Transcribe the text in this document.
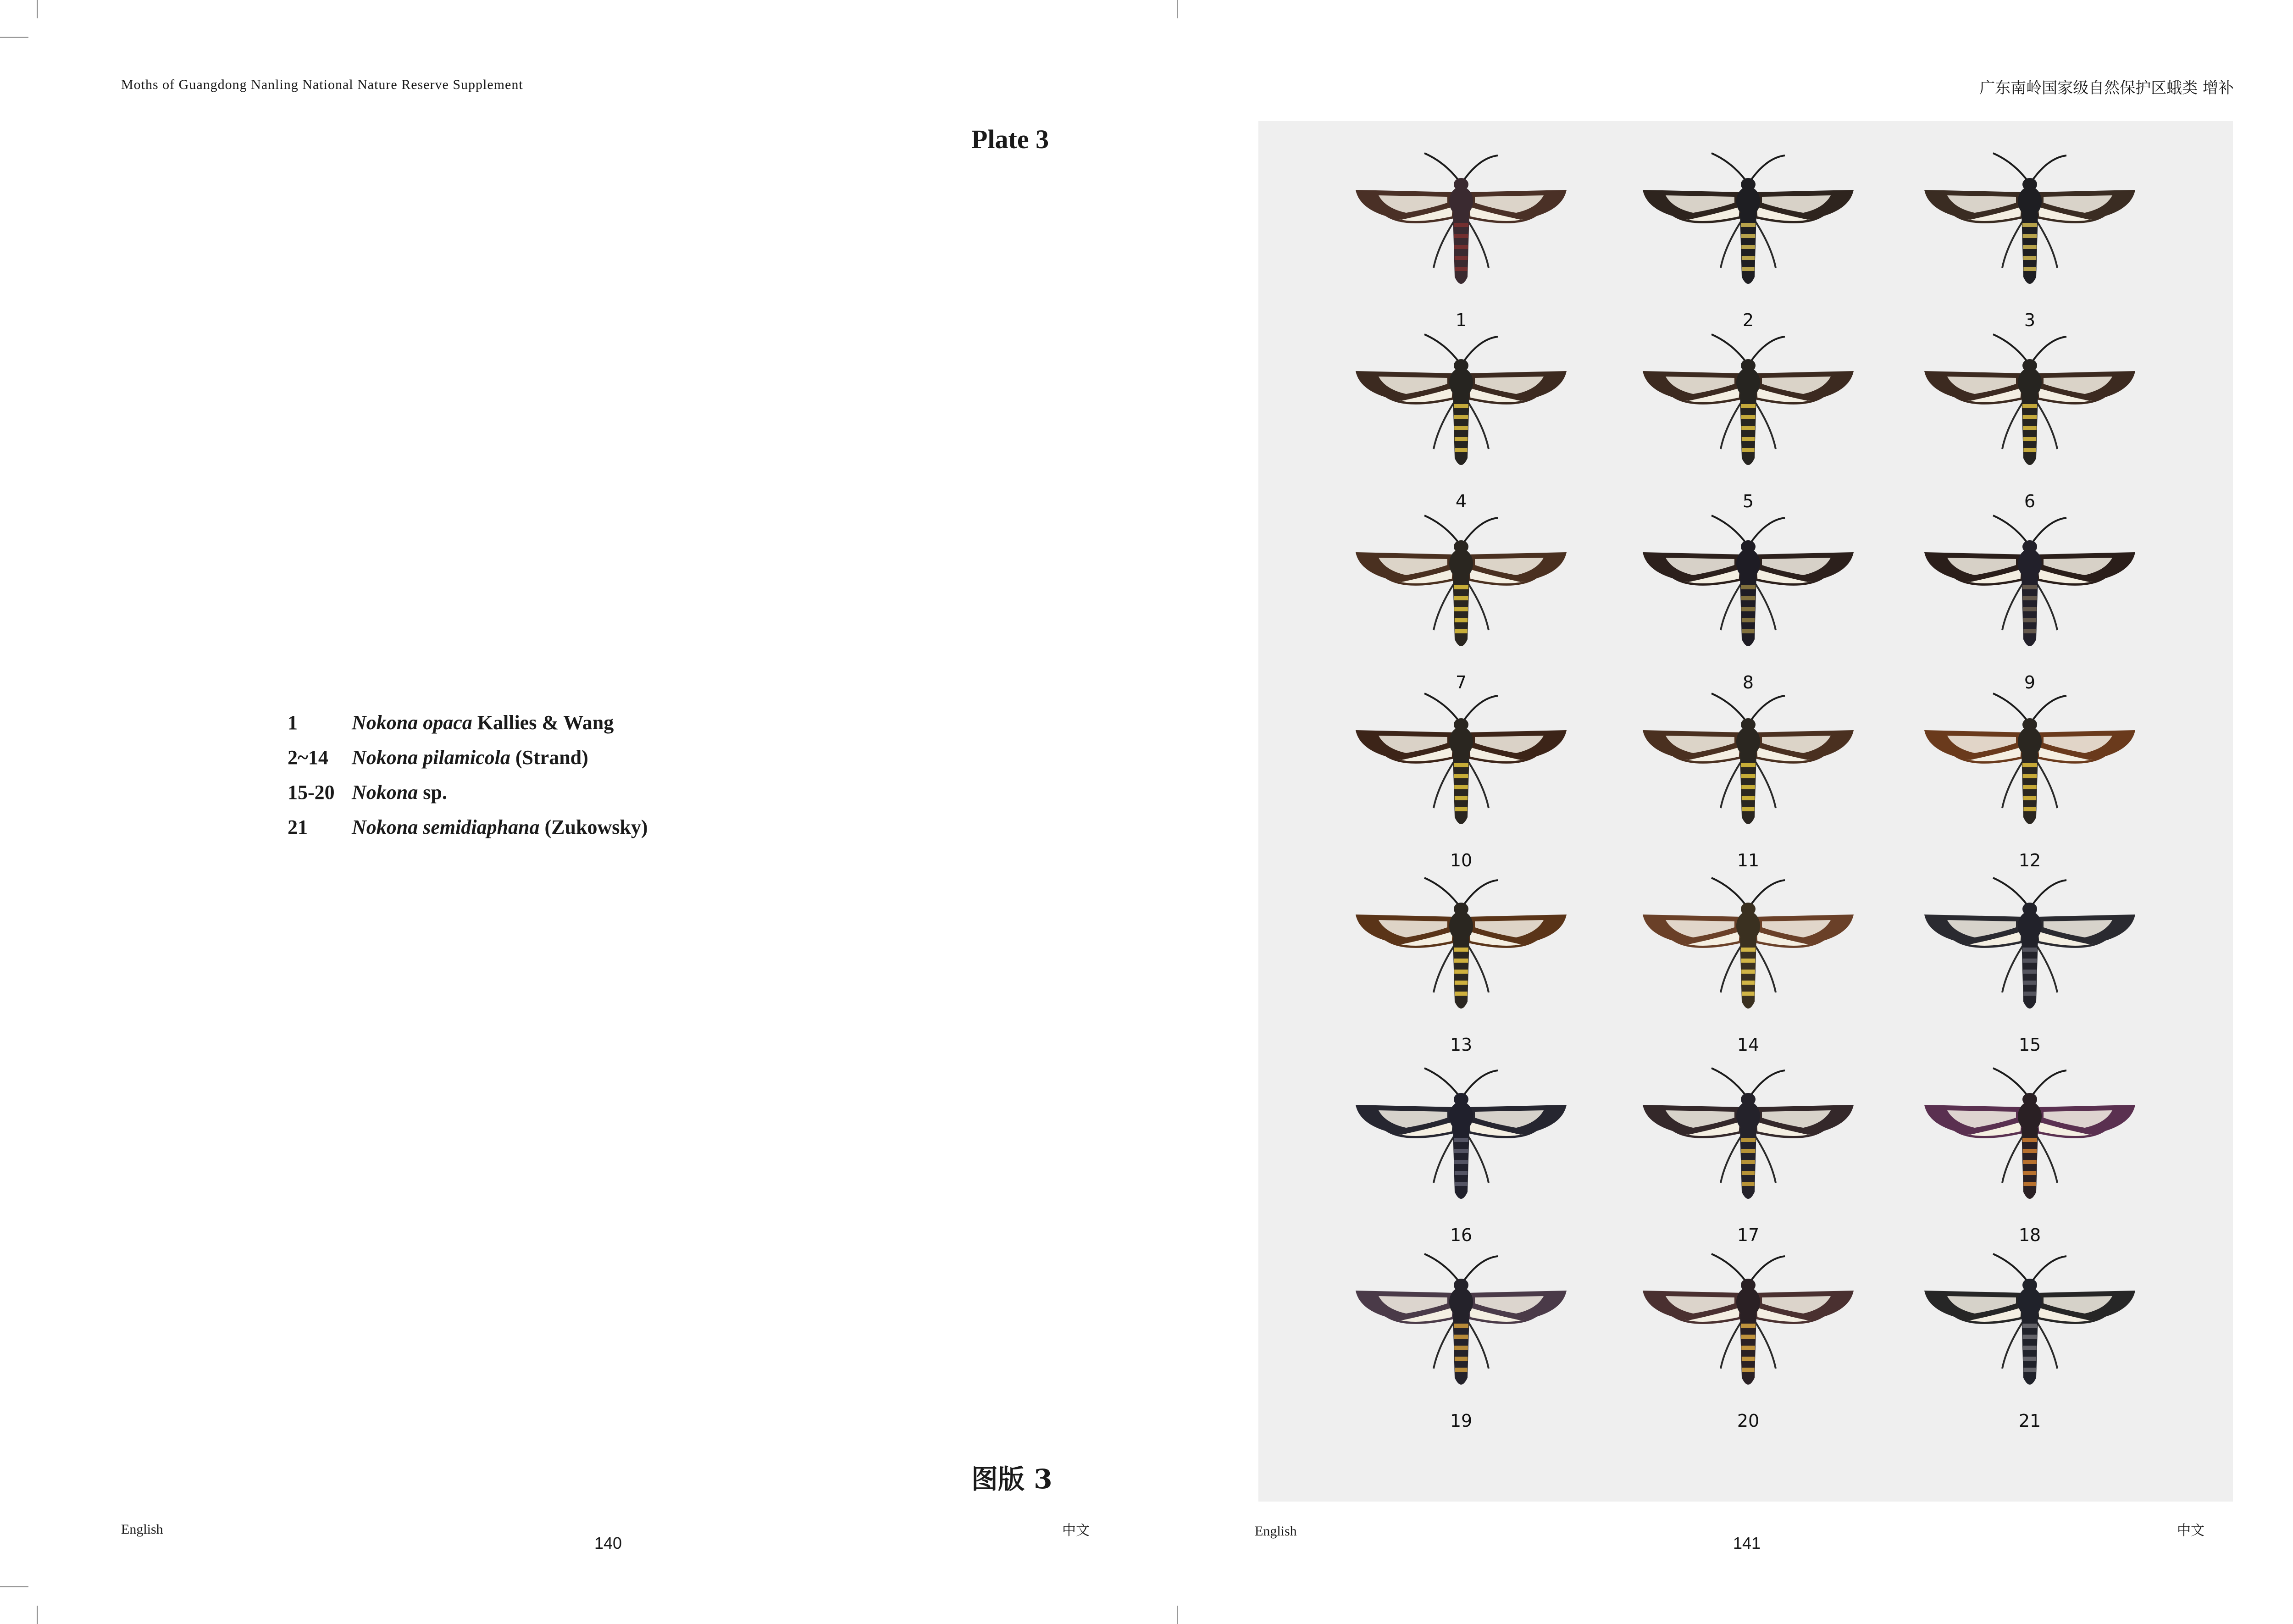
Moths of Guangdong Nanling National Nature Reserve Supplement	广东南岭国家级自然保护区蛾类 增补
Plate 3
1	Nokona opaca Kallies & Wang
2~14	Nokona pilamicola (Strand)
15-20 Nokona sp.
21	Nokona semidiaphana (Zukowsky)
图版 3
English	中文
140
1	2	3
4	5	6
7	8	9
10	11	12
13	14	15
16	17	18
19	20	21
English	中文
141
